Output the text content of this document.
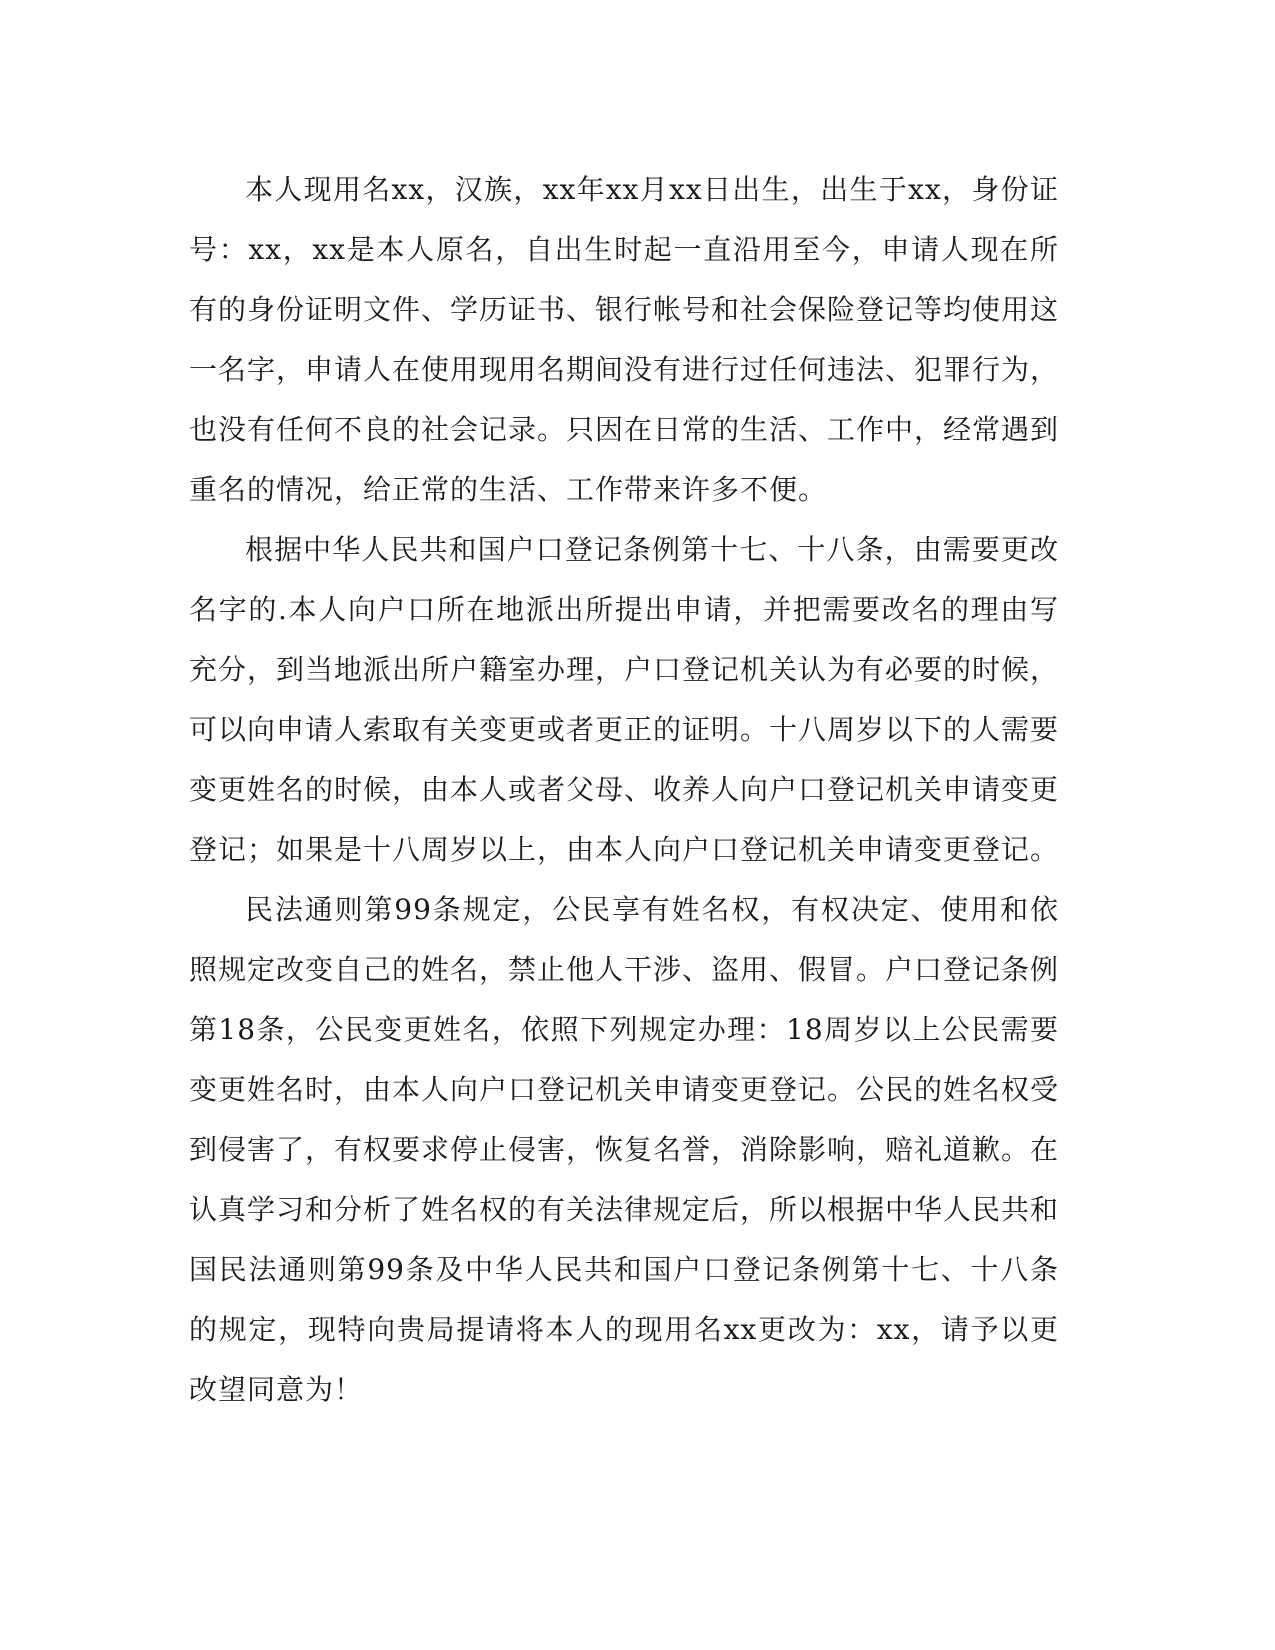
本人现用名xx，汉族，xx年xx月xx日出生，出生于xx，身份证号：xx，xx是本人原名，自出生时起一直沿用至今，申请人现在所有的身份证明文件、学历证书、银行帐号和社会保险登记等均使用这一名字，申请人在使用现用名期间没有进行过任何违法、犯罪行为，也没有任何不良的社会记录。只因在日常的生活、工作中，经常遇到重名的情况，给正常的生活、工作带来许多不便。

根据中华人民共和国户口登记条例第十七、十八条，由需要更改名字的.本人向户口所在地派出所提出申请，并把需要改名的理由写充分，到当地派出所户籍室办理，户口登记机关认为有必要的时候，可以向申请人索取有关变更或者更正的证明。十八周岁以下的人需要变更姓名的时候，由本人或者父母、收养人向户口登记机关申请变更登记；如果是十八周岁以上，由本人向户口登记机关申请变更登记。

民法通则第99条规定，公民享有姓名权，有权决定、使用和依照规定改变自己的姓名，禁止他人干涉、盗用、假冒。户口登记条例第18条，公民变更姓名，依照下列规定办理：18周岁以上公民需要变更姓名时，由本人向户口登记机关申请变更登记。公民的姓名权受到侵害了，有权要求停止侵害，恢复名誉，消除影响，赔礼道歉。在认真学习和分析了姓名权的有关法律规定后，所以根据中华人民共和国民法通则第99条及中华人民共和国户口登记条例第十七、十八条的规定，现特向贵局提请将本人的现用名xx更改为：xx，请予以更改望同意为！
